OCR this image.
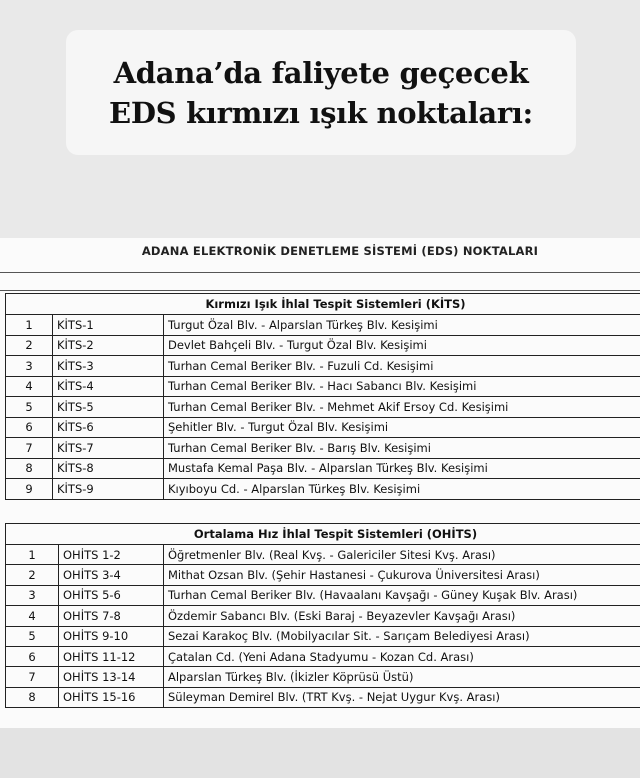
Adana’da faliyete geçecek
EDS kırmızı ışık noktaları:
ADANA ELEKTRONİK DENETLEME SİSTEMİ (EDS) NOKTALARI
Kırmızı Işık İhlal Tespit Sistemleri (KİTS)		
1	KİTS-1	Turgut Özal Blv. - Alparslan Türkeş Blv. Kesişimi
2	KİTS-2	Devlet Bahçeli Blv. - Turgut Özal Blv. Kesişimi
3	KİTS-3	Turhan Cemal Beriker Blv. - Fuzuli Cd. Kesişimi
4	KİTS-4	Turhan Cemal Beriker Blv. - Hacı Sabancı Blv. Kesişimi
5	KİTS-5	Turhan Cemal Beriker Blv. - Mehmet Akif Ersoy Cd. Kesişimi
6	KİTS-6	Şehitler Blv. - Turgut Özal Blv. Kesişimi
7	KİTS-7	Turhan Cemal Beriker Blv. - Barış Blv. Kesişimi
8	KİTS-8	Mustafa Kemal Paşa Blv. - Alparslan Türkeş Blv. Kesişimi
9	KİTS-9	Kıyıboyu Cd. - Alparslan Türkeş Blv. Kesişimi
Ortalama Hız İhlal Tespit Sistemleri (OHİTS)		
1	OHİTS 1-2	Öğretmenler Blv. (Real Kvş. - Galericiler Sitesi Kvş. Arası)
2	OHİTS 3-4	Mithat Ozsan Blv. (Şehir Hastanesi - Çukurova Üniversitesi Arası)
3	OHİTS 5-6	Turhan Cemal Beriker Blv. (Havaalanı Kavşağı - Güney Kuşak Blv. Arası)
4	OHİTS 7-8	Özdemir Sabancı Blv. (Eski Baraj - Beyazevler Kavşağı Arası)
5	OHİTS 9-10	Sezai Karakoç Blv. (Mobilyacılar Sit. - Sarıçam Belediyesi Arası)
6	OHİTS 11-12	Çatalan Cd. (Yeni Adana Stadyumu - Kozan Cd. Arası)
7	OHİTS 13-14	Alparslan Türkeş Blv. (İkizler Köprüsü Üstü)
8	OHİTS 15-16	Süleyman Demirel Blv. (TRT Kvş. - Nejat Uygur Kvş. Arası)
